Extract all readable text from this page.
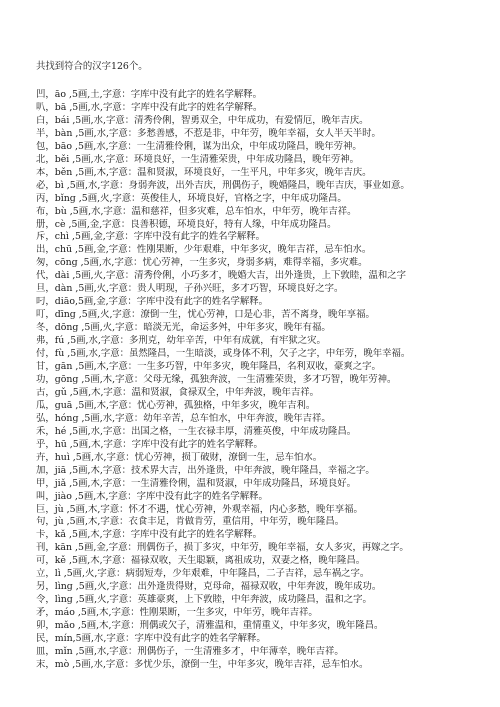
共找到符合的汉字126个。

凹，āo ,5画,土,字意：字库中没有此字的姓名学解释。
叭，bā ,5画,水,字意：字库中没有此字的姓名学解释。
白，bái ,5画,水,字意：清秀伶俐，智勇双全，中年成功，有爱情厄，晚年吉庆。
半，bàn ,5画,水,字意：多愁善感，不惹是非，中年劳，晚年幸福，女人半天半时。
包，bāo ,5画,水,字意：一生清雅伶俐，谋为出众，中年成功隆昌，晚年劳神。
北，běi ,5画,水,字意：环境良好，一生清雅荣贵，中年成功隆昌，晚年劳神。
本，běn ,5画,木,字意：温和贤淑，环境良好，一生平凡，中年多灾，晚年吉庆。
必，bì ,5画,水,字意：身弱奔波，出外吉庆，刑偶伤子，晚婚隆昌，晚年吉庆，事业如意。
丙，bǐng ,5画,火,字意：英俊佳人，环境良好，官格之字，中年成功隆昌。
布，bù ,5画,水,字意：温和慈祥，但多灾难，总车怕水，中年劳，晚年吉祥。
册，cè ,5画,金,字意：良善积德，环境良好，特有人缘，中年成功隆昌。
斥，chì ,5画,金,字意：字库中没有此字的姓名学解释。
出，chū ,5画,金,字意：性刚果断，少年艰难，中年多灾，晚年吉祥，忌车怕水。
匆，cōng ,5画,水,字意：忧心劳神，一生多灾，身弱多病，难得幸福，多灾难。
代，dài ,5画,火,字意：清秀伶俐，小巧多才，晚婚大吉，出外逢贵，上下敦睦，温和之字
旦，dàn ,5画,火,字意：贵人明现，子孙兴旺，多才巧智，环境良好之字。
叼，diāo,5画,金,字意：字库中没有此字的姓名学解释。
叮，dīng ,5画,火,字意：潦倒一生，忧心劳神，口是心非，苦不离身，晚年享福。
冬，dōng ,5画,火,字意：暗淡无光，命运多舛，中年多灾，晚年有福。
弗，fú ,5画,水,字意：多刑克，幼年辛苦，中年有成就，有牢狱之灾。
付，fù ,5画,水,字意：虽然隆昌，一生暗淡，或身体不利，欠子之字，中年劳，晚年幸福。
甘，gān ,5画,木,字意：一生多巧智，中年多灾，晚年隆昌，名利双收，豪爽之字。
功，gōng ,5画,木,字意：父母无缘，孤独奔波，一生清雅荣贵，多才巧智，晚年劳神。
古，gǔ ,5画,木,字意：温和贤淑，食禄双全，中年奔波，晚年吉祥。
瓜，guā ,5画,木,字意：忧心劳神，孤独格，中年多灾，晚年吉利。
弘，hóng ,5画,水,字意：幼年辛苦，总车怕水，中年奔波，晚年吉祥。
禾，hé ,5画,水,字意：出国之格，一生衣禄丰厚，清雅英俊，中年成功隆昌。
乎，hū ,5画,木,字意：字库中没有此字的姓名学解释。
卉，huì ,5画,水,字意：忧心劳神，损丁破财，潦倒一生，忌车怕水。
加，jiā ,5画,木,字意：技术界大吉，出外逢贵，中年奔波，晚年隆昌，幸福之字。
甲，jiǎ ,5画,木,字意：一生清雅伶俐，温和贤淑，中年成功隆昌，环境良好。
叫，jiào ,5画,木,字意：字库中没有此字的姓名学解释。
巨，jù ,5画,木,字意：怀才不遇，忧心劳神，外观幸福，内心多愁，晚年享福。
句，jù ,5画,木,字意：衣食丰足，肯做肯劳，重信用，中年劳，晚年隆昌。
卡，kǎ ,5画,木,字意：字库中没有此字的姓名学解释。
刊，kān ,5画,金,字意：刑偶伤子，损丁多灾，中年劳，晚年幸福，女人多灾，再嫁之字。
可，kě ,5画,木,字意：福禄双收，天生聪颖，离祖成功，双妻之格，晚年隆昌。
立，lì ,5画,火,字意：病弱短寿，少年艰难，中年隆昌，二子吉祥，忌车祸之字。
另，lìng ,5画,火,字意：出外逢贵得财，克母命，福禄双收，中年奔波，晚年成功。
令，lìng ,5画,火,字意：英雄豪爽，上下敦睦，中年奔波，成功隆昌，温和之字。
矛，máo ,5画,木,字意：性刚果断，一生多灾，中年劳，晚年吉祥。
卯，mǎo ,5画,木,字意：刑偶或欠子，清雅温和，重情重义，中年多灾，晚年隆昌。
民，mín,5画,水,字意：字库中没有此字的姓名学解释。
皿，mǐn ,5画,水,字意：刑偶伤子，一生清雅多才，中年薄幸，晚年吉祥。
末，mò ,5画,水,字意：多忧少乐，潦倒一生，中年多灾，晚年吉祥，忌车怕水。
